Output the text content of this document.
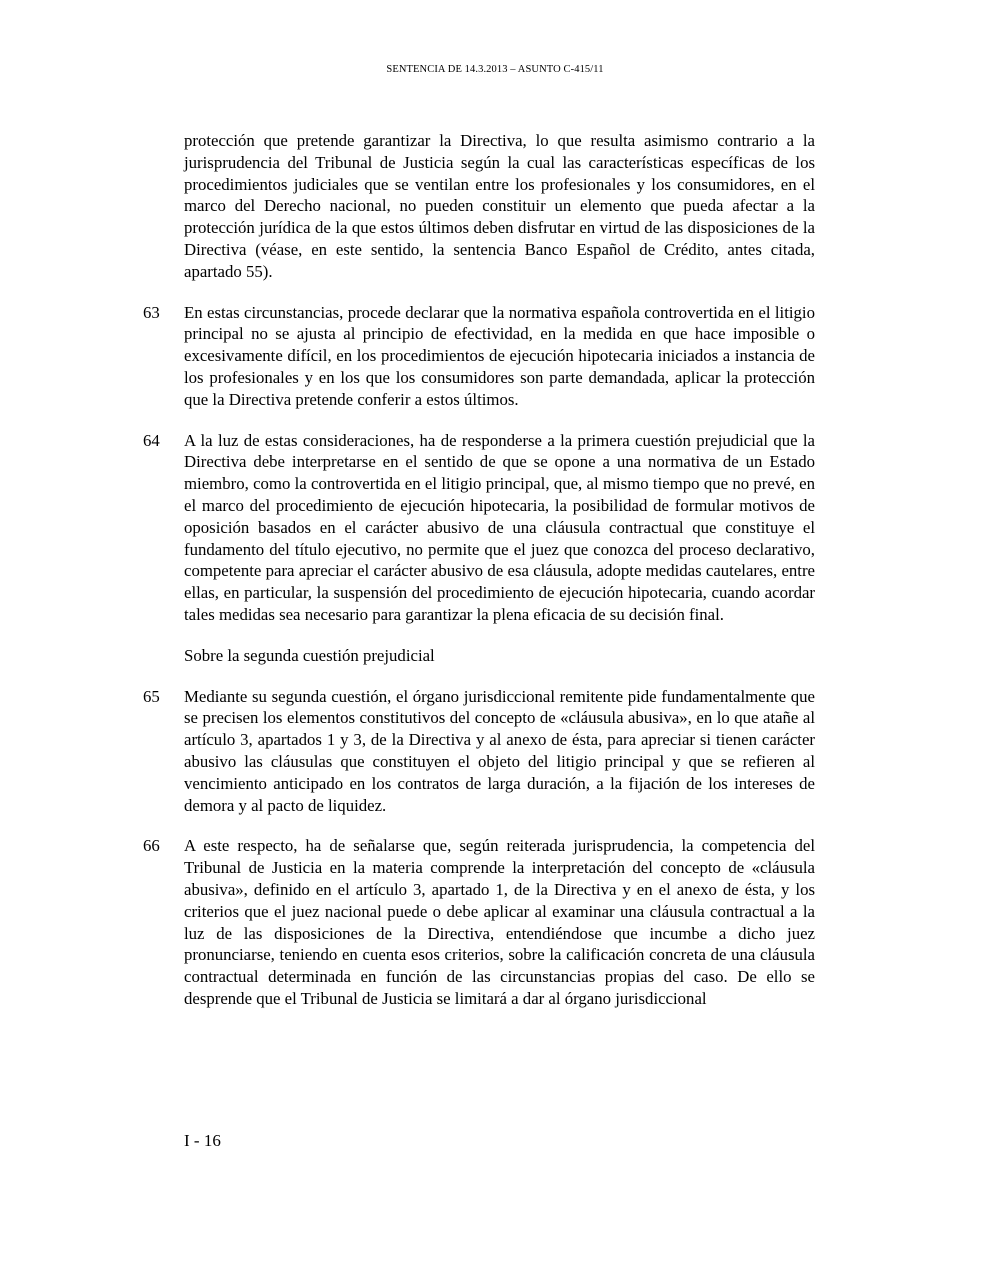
SENTENCIA DE 14.3.2013 – ASUNTO C-415/11
protección que pretende garantizar la Directiva, lo que resulta asimismo contrario a la jurisprudencia del Tribunal de Justicia según la cual las características específicas de los procedimientos judiciales que se ventilan entre los profesionales y los consumidores, en el marco del Derecho nacional, no pueden constituir un elemento que pueda afectar a la protección jurídica de la que estos últimos deben disfrutar en virtud de las disposiciones de la Directiva (véase, en este sentido, la sentencia Banco Español de Crédito, antes citada, apartado 55).
63 En estas circunstancias, procede declarar que la normativa española controvertida en el litigio principal no se ajusta al principio de efectividad, en la medida en que hace imposible o excesivamente difícil, en los procedimientos de ejecución hipotecaria iniciados a instancia de los profesionales y en los que los consumidores son parte demandada, aplicar la protección que la Directiva pretende conferir a estos últimos.
64 A la luz de estas consideraciones, ha de responderse a la primera cuestión prejudicial que la Directiva debe interpretarse en el sentido de que se opone a una normativa de un Estado miembro, como la controvertida en el litigio principal, que, al mismo tiempo que no prevé, en el marco del procedimiento de ejecución hipotecaria, la posibilidad de formular motivos de oposición basados en el carácter abusivo de una cláusula contractual que constituye el fundamento del título ejecutivo, no permite que el juez que conozca del proceso declarativo, competente para apreciar el carácter abusivo de esa cláusula, adopte medidas cautelares, entre ellas, en particular, la suspensión del procedimiento de ejecución hipotecaria, cuando acordar tales medidas sea necesario para garantizar la plena eficacia de su decisión final.
Sobre la segunda cuestión prejudicial
65 Mediante su segunda cuestión, el órgano jurisdiccional remitente pide fundamentalmente que se precisen los elementos constitutivos del concepto de «cláusula abusiva», en lo que atañe al artículo 3, apartados 1 y 3, de la Directiva y al anexo de ésta, para apreciar si tienen carácter abusivo las cláusulas que constituyen el objeto del litigio principal y que se refieren al vencimiento anticipado en los contratos de larga duración, a la fijación de los intereses de demora y al pacto de liquidez.
66 A este respecto, ha de señalarse que, según reiterada jurisprudencia, la competencia del Tribunal de Justicia en la materia comprende la interpretación del concepto de «cláusula abusiva», definido en el artículo 3, apartado 1, de la Directiva y en el anexo de ésta, y los criterios que el juez nacional puede o debe aplicar al examinar una cláusula contractual a la luz de las disposiciones de la Directiva, entendiéndose que incumbe a dicho juez pronunciarse, teniendo en cuenta esos criterios, sobre la calificación concreta de una cláusula contractual determinada en función de las circunstancias propias del caso. De ello se desprende que el Tribunal de Justicia se limitará a dar al órgano jurisdiccional
I - 16
